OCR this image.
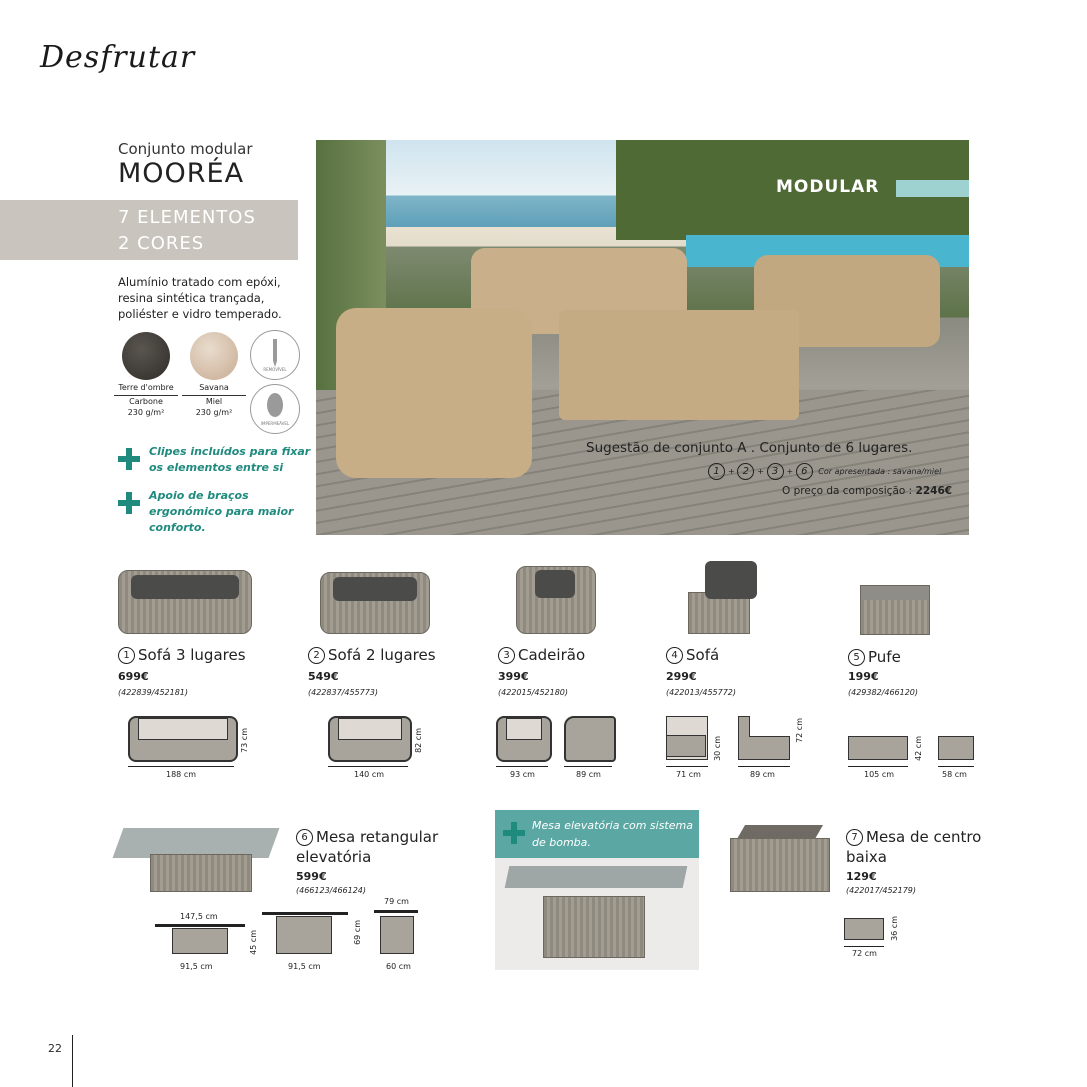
Desfrutar
Conjunto modular
MOORÉA
7 ELEMENTOS
2 CORES
Alumínio tratado com epóxi,
resina sintética trançada,
poliéster e vidro temperado.
REMOVÍVEL
Terre d'ombre
Carbone
230 g/m²
Savana
Miel
230 g/m²
IMPERMEÁVEL
Clipes incluídos para fixar
os elementos entre si
Apoio de braços
ergonómico para maior
conforto.
MODULAR
Sugestão de conjunto A . Conjunto de 6 lugares.
1 + 2 + 3 + 6 Cor apresentada : savana/miel
O preço da composição : 2246€
1 Sofá 3 lugares
699€
(422839/452181)
2 Sofá 2 lugares
549€
(422837/455773)
3 Cadeirão
399€
(422015/452180)
4 Sofá
299€
(422013/455772)
5 Pufe
199€
(429382/466120)
188 cm
73 cm
140 cm
82 cm
93 cm	89 cm	71 cm
30 cm
89 cm
72 cm
105 cm
42 cm
58 cm
6 Mesa retangular
elevatória
599€
(466123/466124)
147,5 cm
45 cm
91,5 cm
69 cm
91,5 cm
79 cm
60 cm
Mesa elevatória com sistema
de bomba.	7 Mesa de centro
baixa
129€
(422017/452179)
72 cm
36 cm
22
